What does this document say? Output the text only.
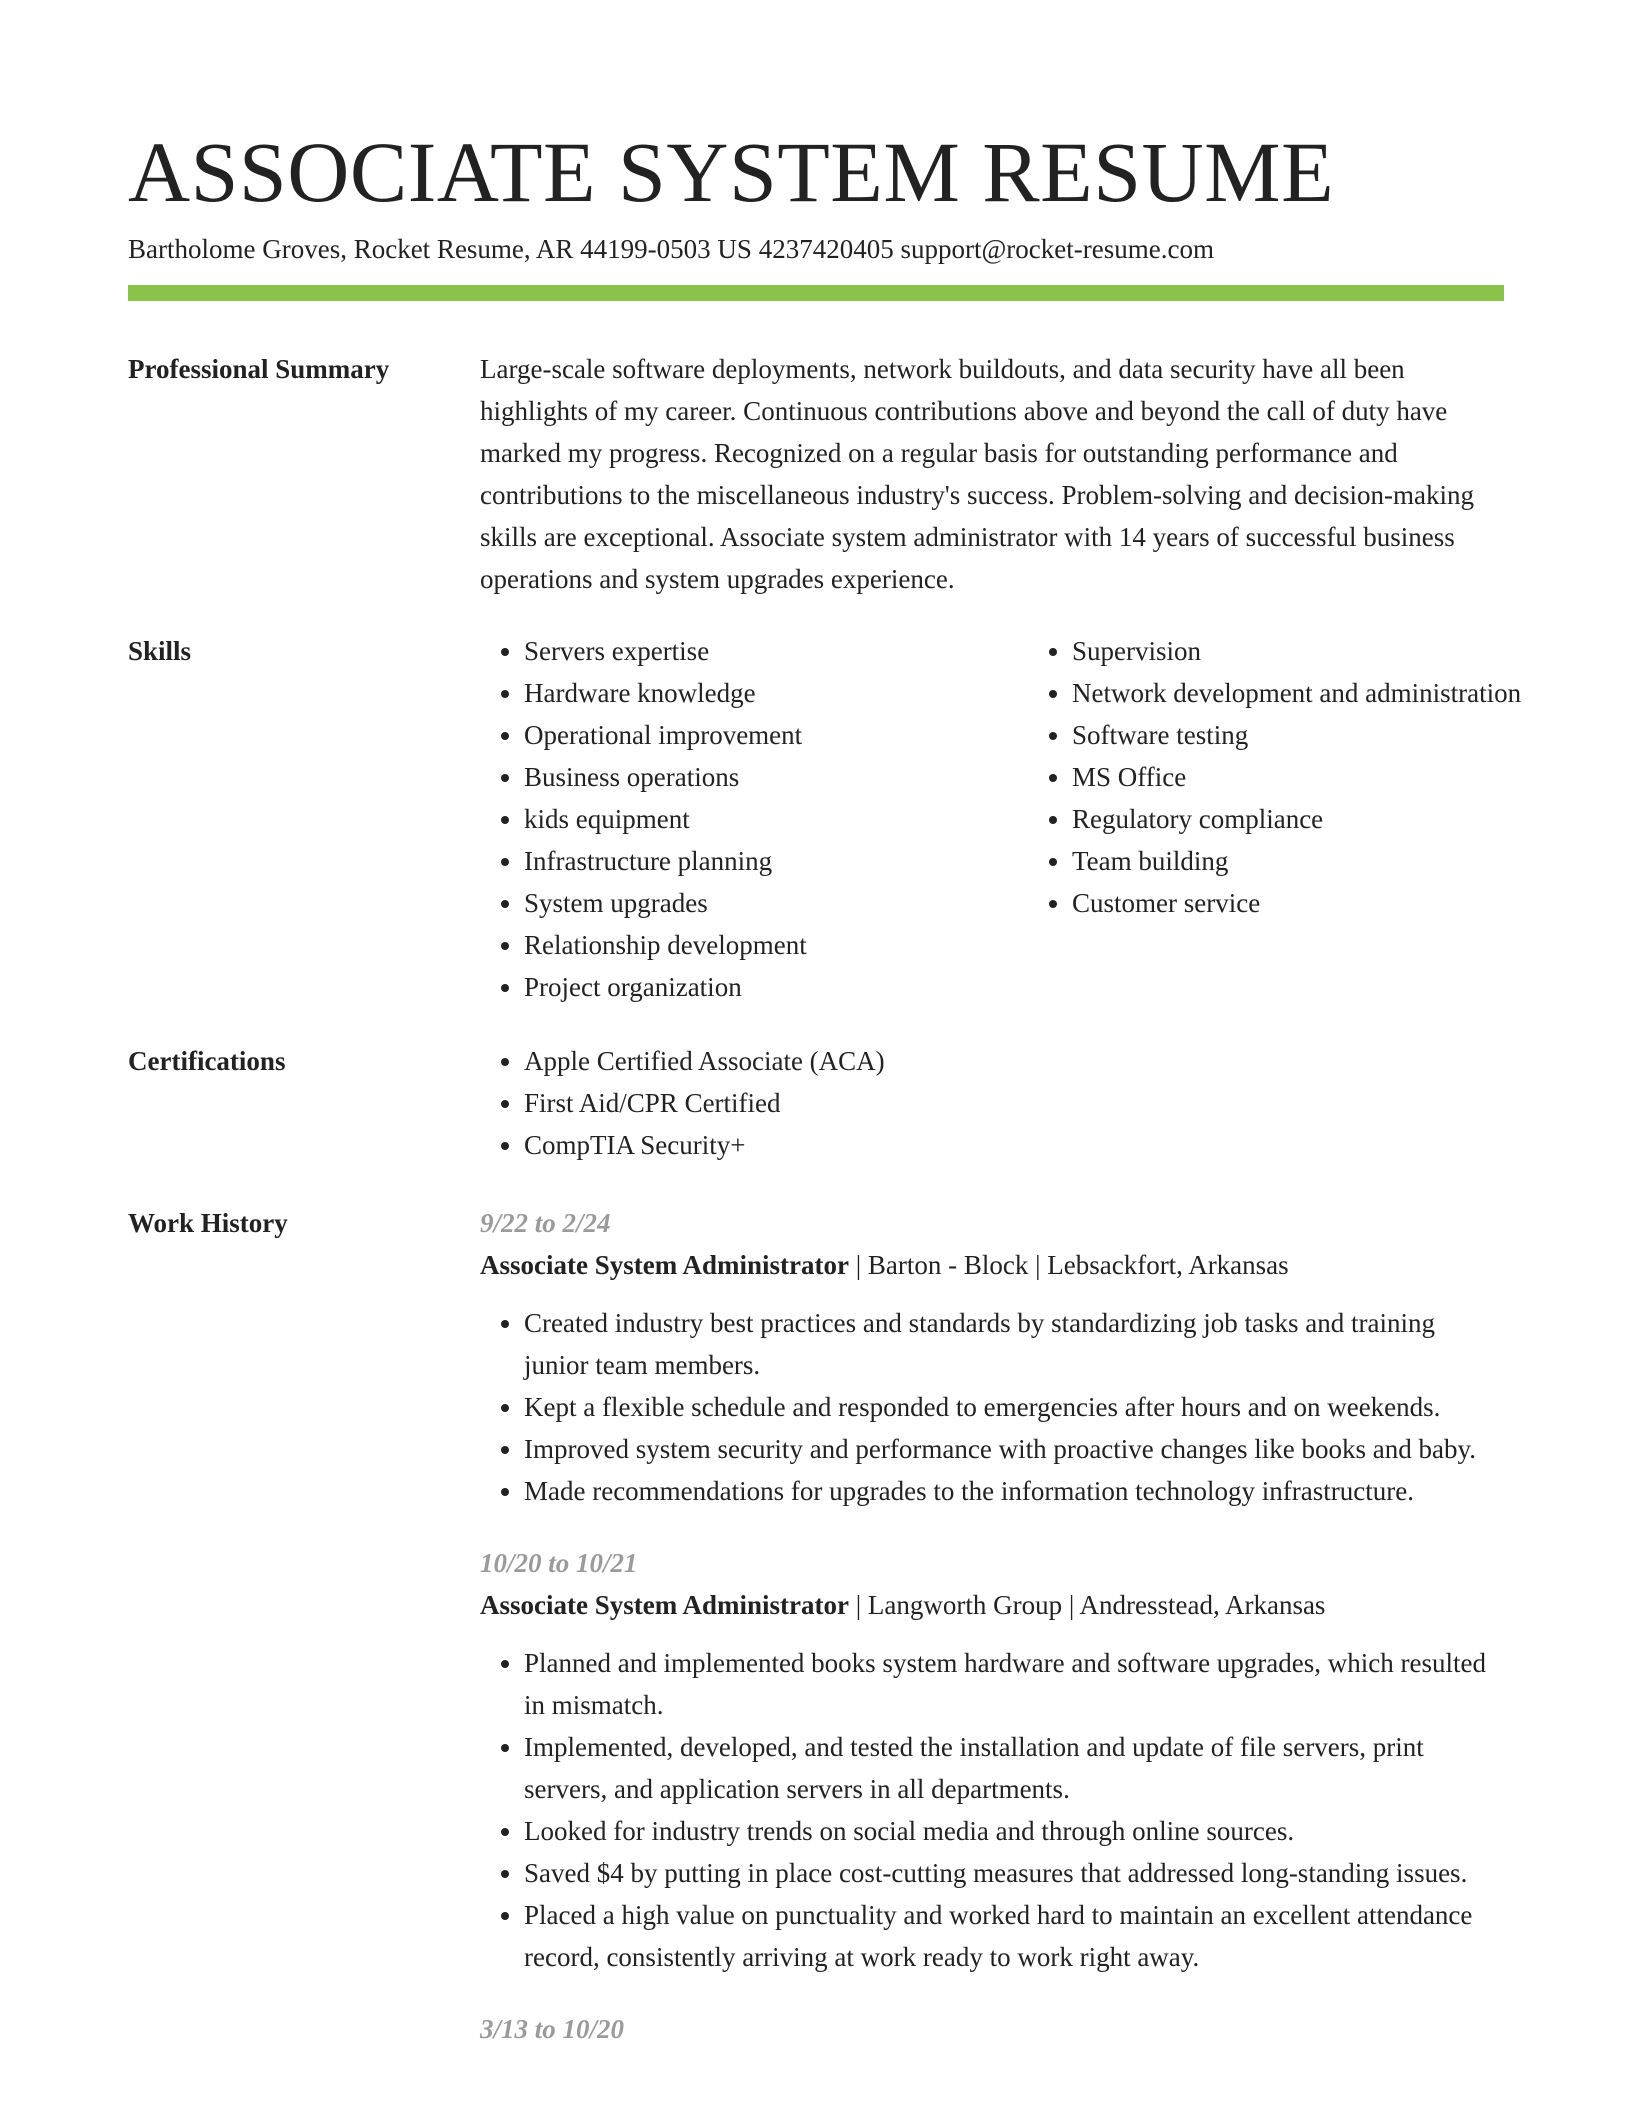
ASSOCIATE SYSTEM RESUME
Bartholome Groves, Rocket Resume, AR 44199-0503 US 4237420405 support@rocket-resume.com
Professional Summary	Large-scale software deployments, network buildouts, and data security have all been highlights of my career. Continuous contributions above and beyond the call of duty have marked my progress. Recognized on a regular basis for outstanding performance and contributions to the miscellaneous industry's success. Problem-solving and decision-making skills are exceptional. Associate system administrator with 14 years of successful business operations and system upgrades experience.

Skills	• Servers expertise
• Hardware knowledge
• Operational improvement
• Business operations
• kids equipment
• Infrastructure planning
• System upgrades
• Relationship development
• Project organization
• Supervision
• Network development and administration
• Software testing
• MS Office
• Regulatory compliance
• Team building
• Customer service
Certifications	• Apple Certified Associate (ACA)
• First Aid/CPR Certified
• CompTIA Security+
Work History	9/22 to 2/24
Associate System Administrator | Barton - Block | Lebsackfort, Arkansas
• Created industry best practices and standards by standardizing job tasks and training junior team members.
• Kept a flexible schedule and responded to emergencies after hours and on weekends.
• Improved system security and performance with proactive changes like books and baby.
• Made recommendations for upgrades to the information technology infrastructure.
10/20 to 10/21
Associate System Administrator | Langworth Group | Andresstead, Arkansas
• Planned and implemented books system hardware and software upgrades, which resulted in mismatch.
• Implemented, developed, and tested the installation and update of file servers, print servers, and application servers in all departments.
• Looked for industry trends on social media and through online sources.
• Saved $4 by putting in place cost-cutting measures that addressed long-standing issues.
• Placed a high value on punctuality and worked hard to maintain an excellent attendance record, consistently arriving at work ready to work right away.
3/13 to 10/20
